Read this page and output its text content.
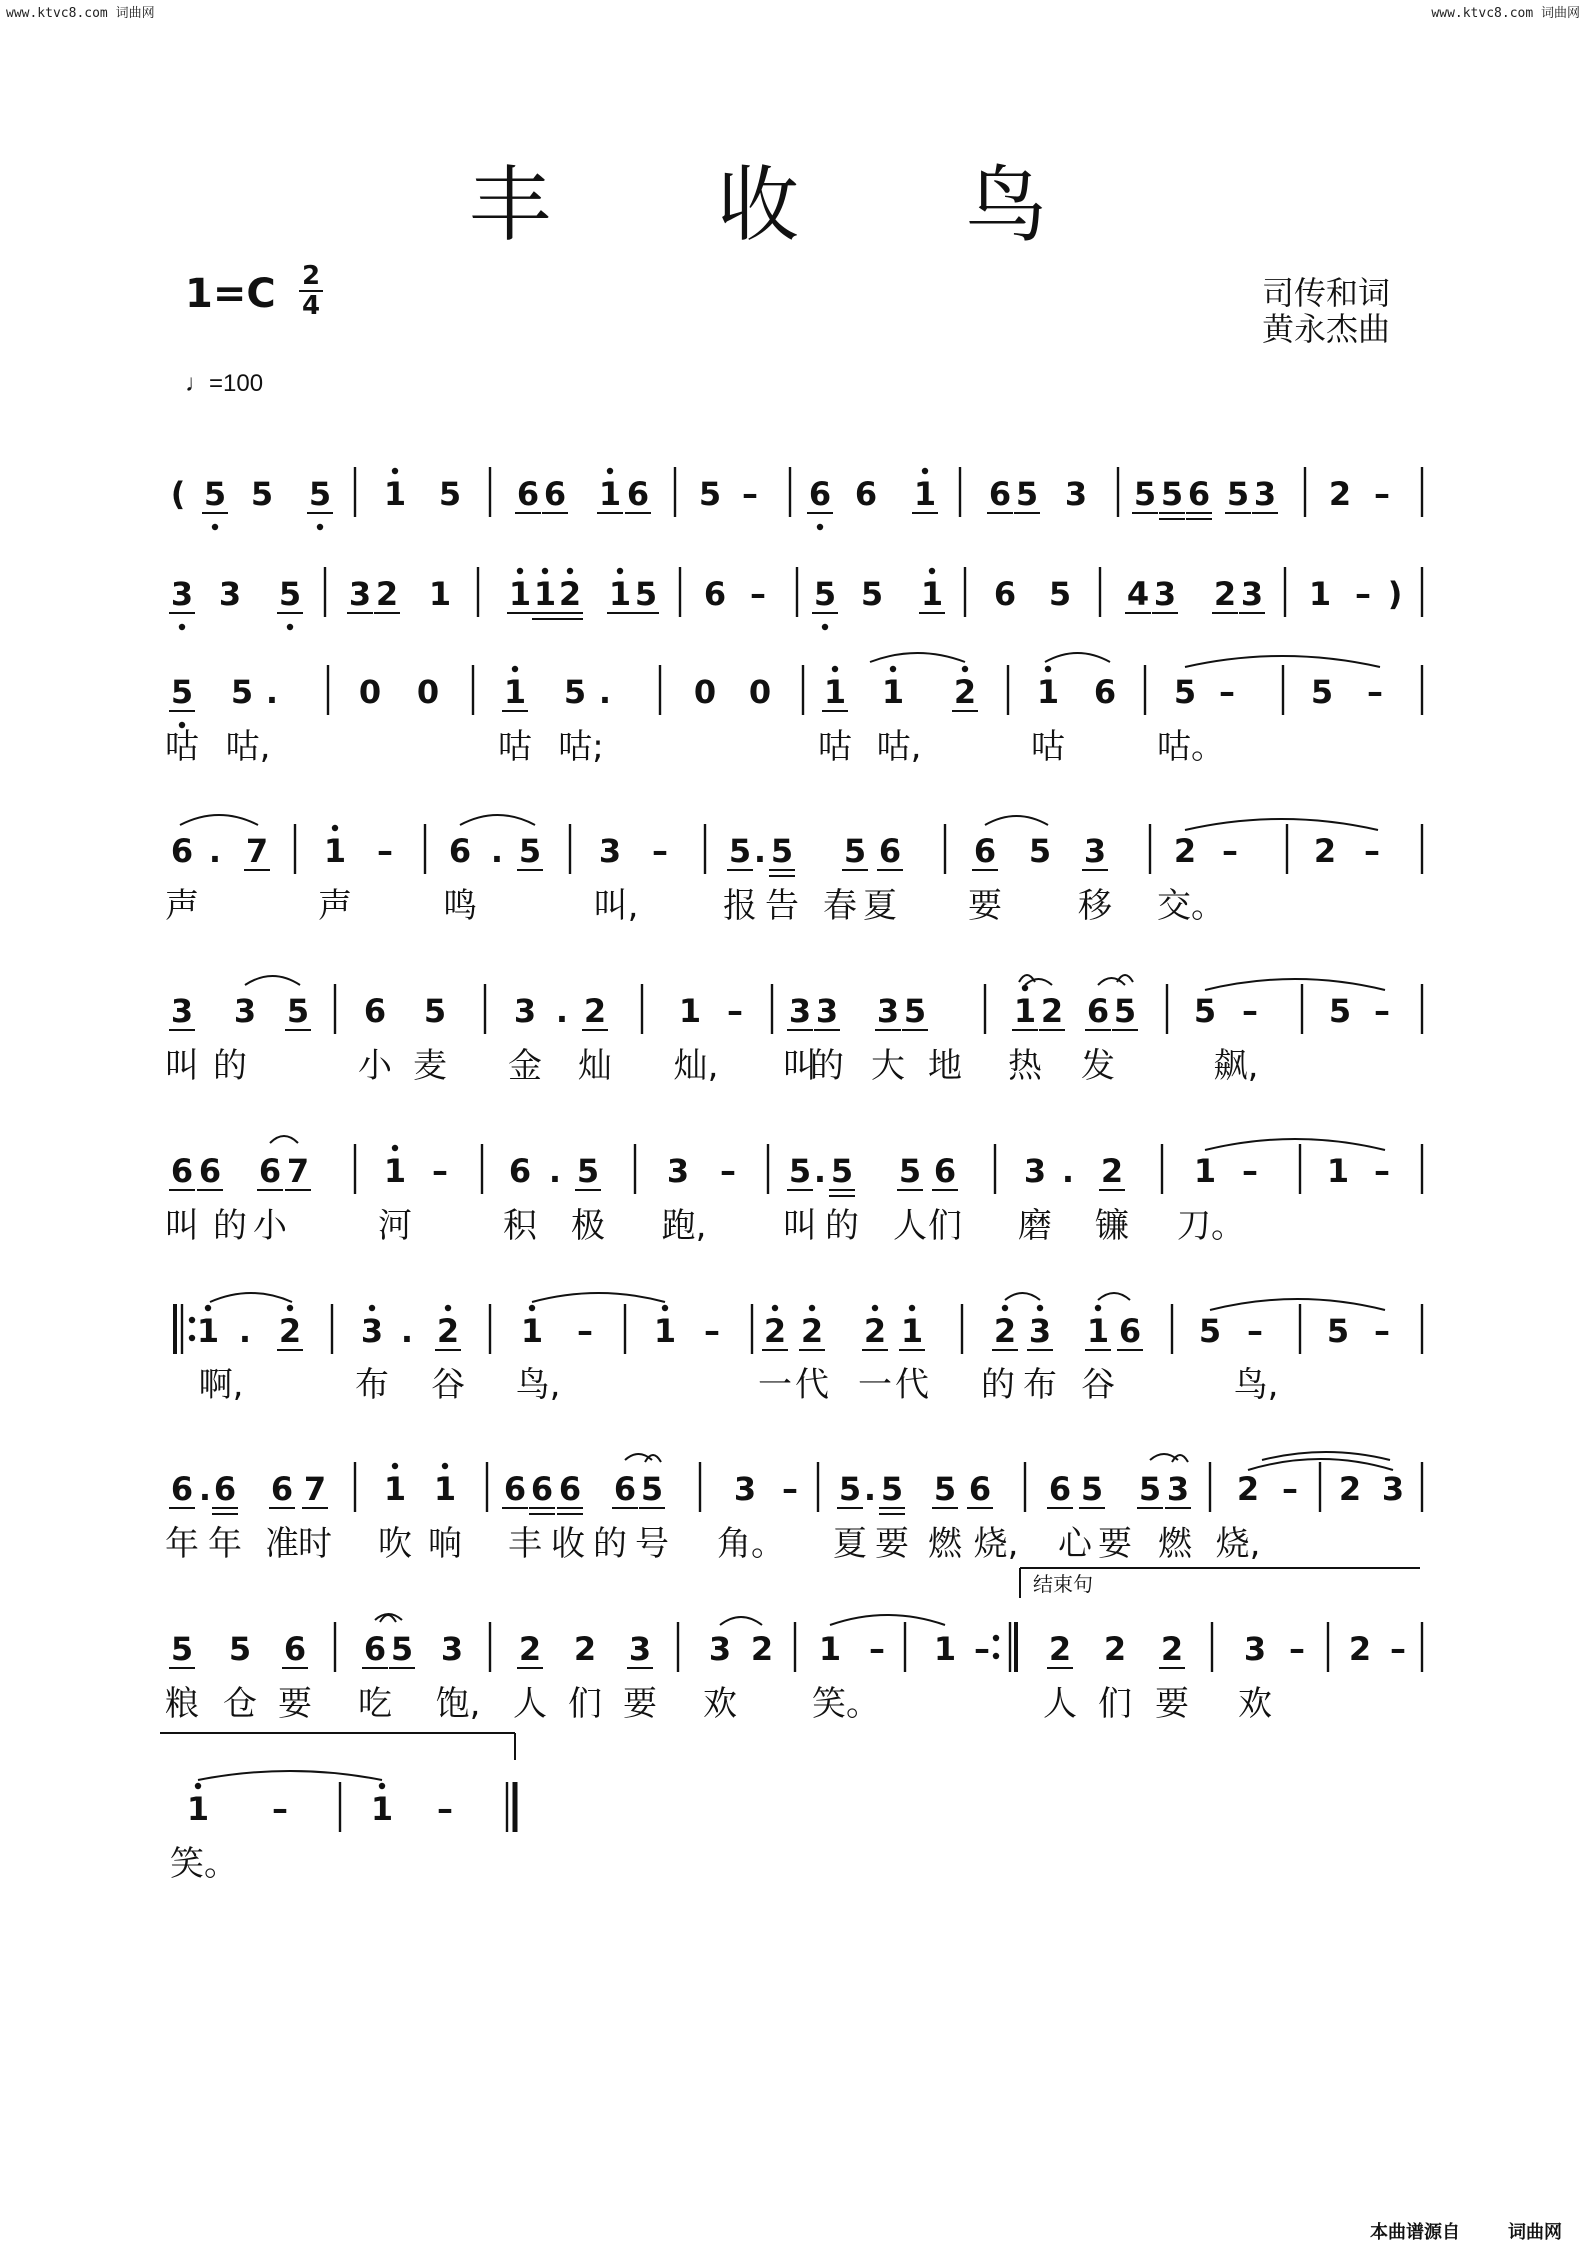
www.ktvc8.com 词曲网	www.ktvc8.com 词曲网
丰 收 鸟
1=C 2
4
♩=100
司传和词
黄永杰曲
( 5 5 5 1 5 6 6 1 6 5 – 6 6 1 6 5 3 5 5 6 5 3 2 –
3 3 5 3 2 1 1 1 2 1 5 6 – 5 5 1 6 5 4 3 2 3 1 – )
5 5 .	0 0 1 5 .	0 0 1 1 2 1 6 5 – 5 –
6 . 7 1 – 6 . 5 3 – 5 . 5 5 6 6 5 3 2 – 2 –
3 3 5 6 5 3 . 2 1 – 3 3 3 5	1 2 6 5 5 – 5 –
6 6 6 7 1 – 6 . 5 3 – 5 . 5 5 6 3 . 2 1 – 1 –
1 . 2 3 . 2 1 – 1 – 2 2 2 1 2 3 1 6 5 – 5 –
6 . 6 6 7 1 1 6 6 6 6 5 3 – 5 . 5 5 6 6 5 5 3 2 – 2 3
5 5 6 6 5 3 2 2 3 3 2 1 – 1 – 2 2 2 3 – 2 –
1 –	1 –
结束句
咕 咕,	咕 咕;	咕 咕,	咕	咕。
声	声	鸣	叫, 报 告 春 夏 要 移 交。
叫 的	小 麦 金 灿 灿, 叫
的 大 地 热 发	飙,
叫 的 小	河	积 极 跑, 叫 的 人 们 磨 镰 刀。
啊,	布 谷 鸟,	一 代 一 代 的 布 谷	鸟,
年 年 准 时 吹 响 丰 收 的 号 角。 夏 要 燃 烧, 心 要 燃 烧,
粮 仓 要 吃 饱, 人 们 要 欢 笑。	人 们 要 欢
笑。
本曲谱源自	词曲网
